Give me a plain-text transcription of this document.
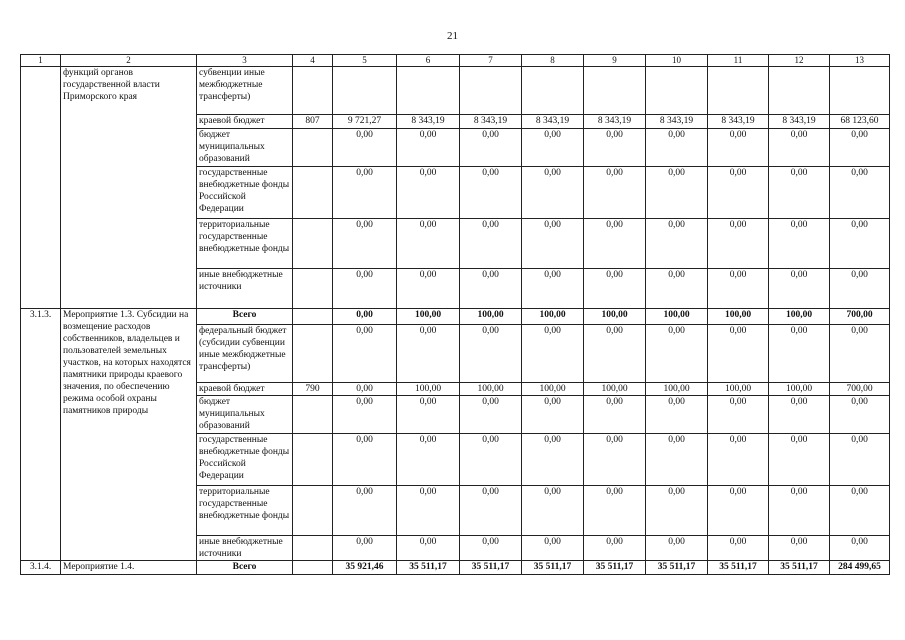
21
1	2	3	4	5	6	7	8	9	10	11	12	13
	функций органов государственной власти Приморского края	субвенции иные межбюджетные трансферты)										
		краевой бюджет	807	9 721,27	8 343,19	8 343,19	8 343,19	8 343,19	8 343,19	8 343,19	8 343,19	68 123,60
		бюджет муниципальных образований		0,00	0,00	0,00	0,00	0,00	0,00	0,00	0,00	0,00
		государственные внебюджетные фонды Российской Федерации		0,00	0,00	0,00	0,00	0,00	0,00	0,00	0,00	0,00
		территориальные государственные внебюджетные фонды		0,00	0,00	0,00	0,00	0,00	0,00	0,00	0,00	0,00
		иные внебюджетные источники		0,00	0,00	0,00	0,00	0,00	0,00	0,00	0,00	0,00
3.1.3.	Мероприятие 1.3. Субсидии на возмещение расходов собственников, владельцев и пользователей земельных участков, на которых находятся памятники природы краевого значения, по обеспечению режима особой охраны памятников природы	Всего		0,00	100,00	100,00	100,00	100,00	100,00	100,00	100,00	700,00
		федеральный бюджет (субсидии субвенции иные межбюджетные трансферты)		0,00	0,00	0,00	0,00	0,00	0,00	0,00	0,00	0,00
		краевой бюджет	790	0,00	100,00	100,00	100,00	100,00	100,00	100,00	100,00	700,00
		бюджет муниципальных образований		0,00	0,00	0,00	0,00	0,00	0,00	0,00	0,00	0,00
		государственные внебюджетные фонды Российской Федерации		0,00	0,00	0,00	0,00	0,00	0,00	0,00	0,00	0,00
		территориальные государственные внебюджетные фонды		0,00	0,00	0,00	0,00	0,00	0,00	0,00	0,00	0,00
		иные внебюджетные источники		0,00	0,00	0,00	0,00	0,00	0,00	0,00	0,00	0,00
3.1.4.	Мероприятие 1.4.	Всего		35 921,46	35 511,17	35 511,17	35 511,17	35 511,17	35 511,17	35 511,17	35 511,17	284 499,65
